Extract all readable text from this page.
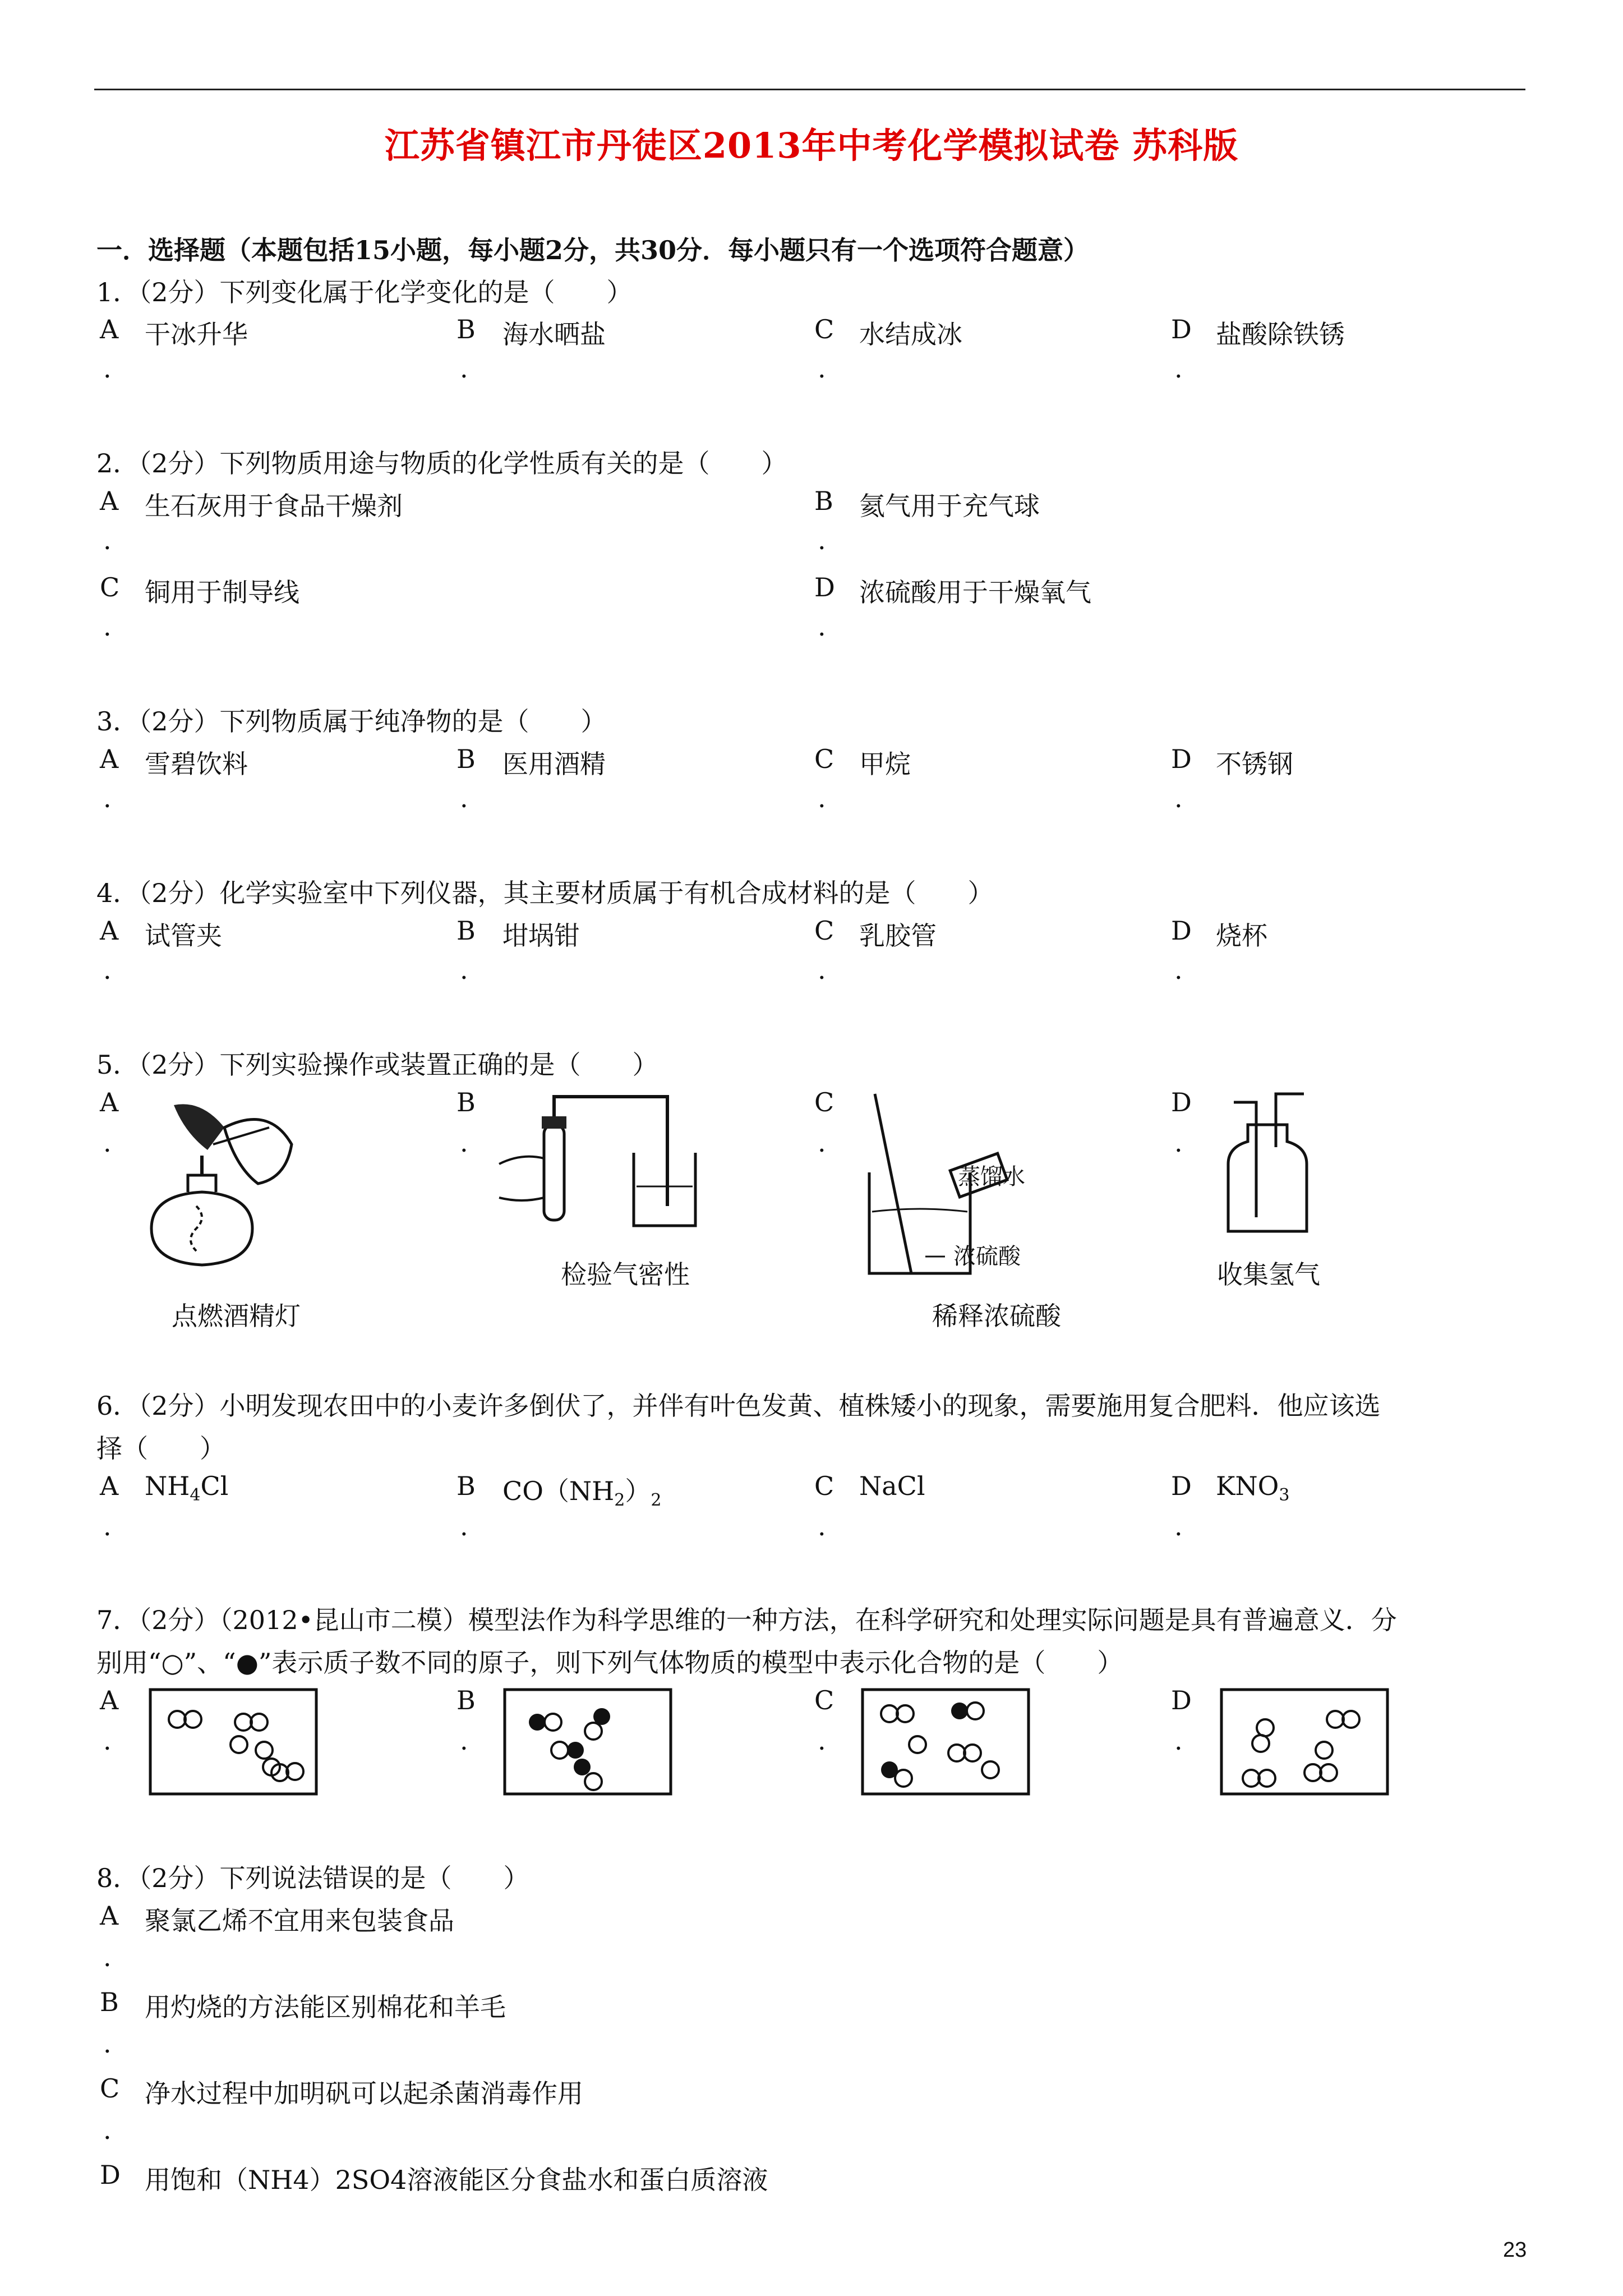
江苏省镇江市丹徒区2013年中考化学模拟试卷 苏科版
一．选择题（本题包括15小题，每小题2分，共30分．每小题只有一个选项符合题意）
1．（2分）下列变化属于化学变化的是（　　）
A 干冰升华
.
B 海水晒盐
.
C 水结成冰
.
D 盐酸除铁锈
.
2．（2分）下列物质用途与物质的化学性质有关的是（　　）
A 生石灰用于食品干燥剂
.
B 氦气用于充气球
.
C 铜用于制导线
.
D 浓硫酸用于干燥氧气
.
3．（2分）下列物质属于纯净物的是（　　）
A 雪碧饮料
.
B 医用酒精
.
C 甲烷
.
D 不锈钢
.
4．（2分）化学实验室中下列仪器，其主要材质属于有机合成材料的是（　　）
A 试管夹
.
B 坩埚钳
.
C 乳胶管
.
D 烧杯
.
5．（2分）下列实验操作或装置正确的是（　　）
A
.
B
.
C
.
D
.
点燃酒精灯
检验气密性
蒸馏水
浓硫酸
稀释浓硫酸
收集氢气
6．（2分）小明发现农田中的小麦许多倒伏了，并伴有叶色发黄、植株矮小的现象，需要施用复合肥料．他应该选
择（　　）
A $NH_4Cl$
.
B $CO(NH_2)_2$
.
C NaCl
.
D $KNO_3$
.
7．（2分）（2012•昆山市二模）模型法作为科学思维的一种方法，在科学研究和处理实际问题是具有普遍意义．分
别用“○”、“●”表示质子数不同的原子，则下列气体物质的模型中表示化合物的是（　　）
A
.
B
.
C
.
D
.
8．（2分）下列说法错误的是（　　）
A 聚氯乙烯不宜用来包装食品
.
B 用灼烧的方法能区别棉花和羊毛
.
C 净水过程中加明矾可以起杀菌消毒作用
.
D 用饱和（NH4）2SO4溶液能区分食盐水和蛋白质溶液
23
